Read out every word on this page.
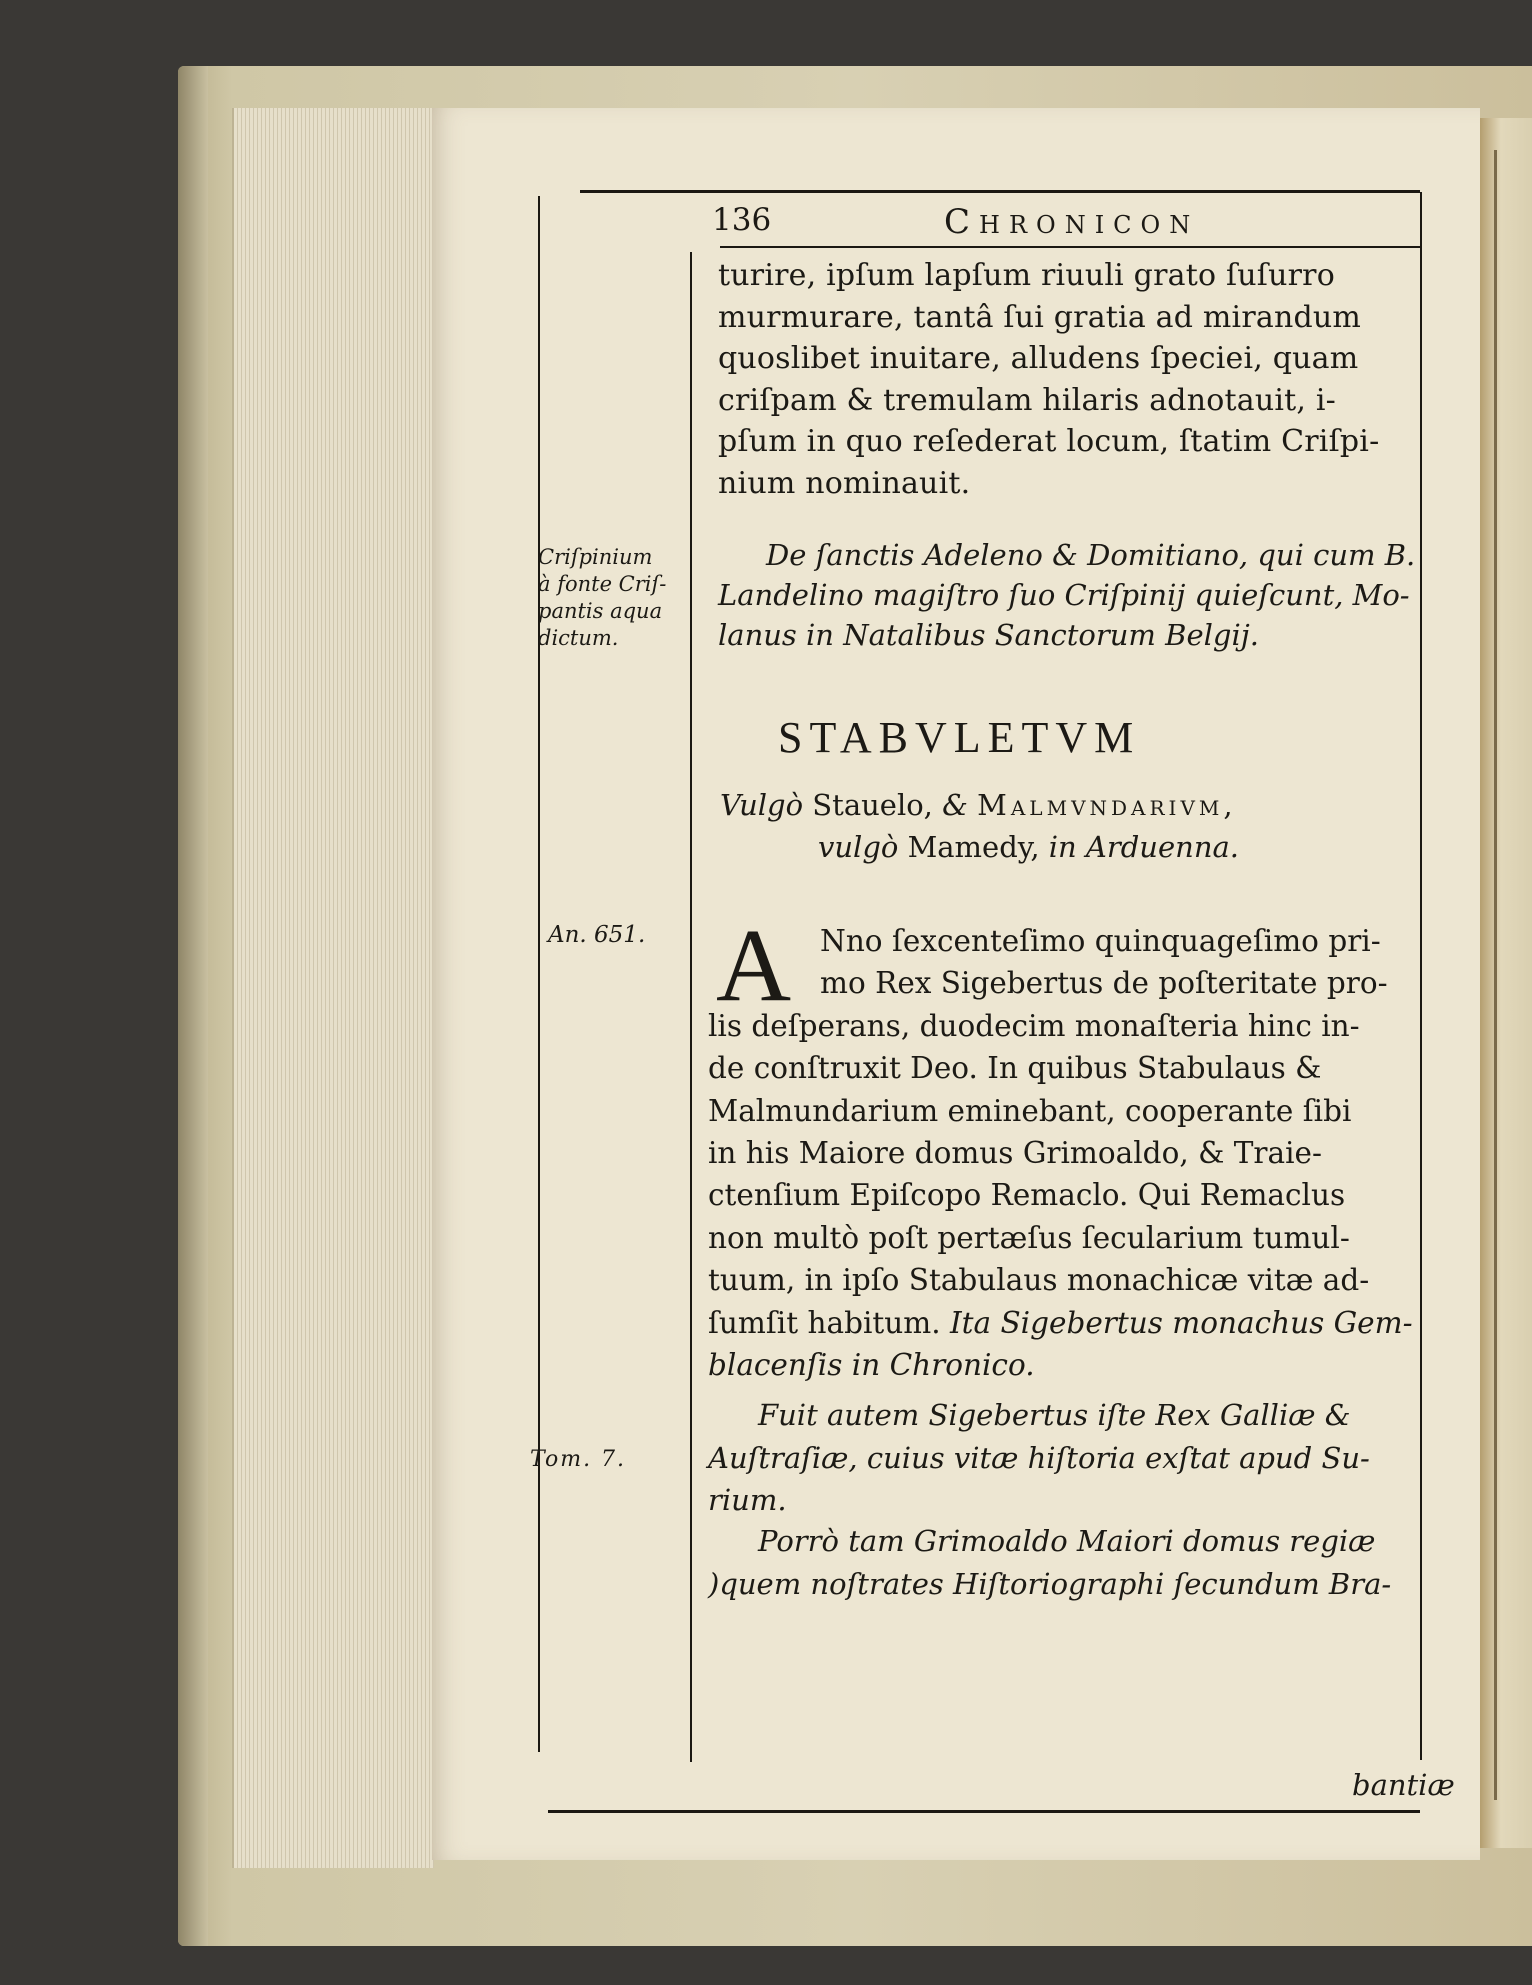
136	Chronicon
turire, ipſum lapſum riuuli grato ſuſurro
murmurare, tantâ ſui gratia ad mirandum
quoslibet inuitare, alludens ſpeciei, quam
criſpam & tremulam hilaris adnotauit, i-
pſum in quo reſederat locum, ſtatim Criſpi-
nium nominauit.
De ſanctis Adeleno & Domitiano, qui cum B.
Landelino magiſtro ſuo Criſpinij quieſcunt, Mo-
lanus in Natalibus Sanctorum Belgij.
STABVLETVM
Vulgò Stauelo, & Malmvndarivm,
vulgò Mamedy, in Arduenna.
A Nno ſexcenteſimo quinquageſimo pri-
mo Rex Sigebertus de poſteritate pro-
lis deſperans, duodecim monaſteria hinc in-
de conſtruxit Deo. In quibus Stabulaus &
Malmundarium eminebant, cooperante ſibi
in his Maiore domus Grimoaldo, & Traie-
ctenſium Epiſcopo Remaclo. Qui Remaclus
non multò poſt pertæſus ſecularium tumul-
tuum, in ipſo Stabulaus monachicæ vitæ ad-
ſumſit habitum. Ita Sigebertus monachus Gem-
blacenſis in Chronico.
Fuit autem Sigebertus iſte Rex Galliæ &
Auſtraſiæ, cuius vitæ hiſtoria exſtat apud Su-
rium.
Porrò tam Grimoaldo Maiori domus regiæ
)quem noſtrates Hiſtoriographi ſecundum Bra-
bantiæ
Criſpinium
à fonte Criſ-
pantis aqua
dictum.
An. 651.
Tom. 7.
